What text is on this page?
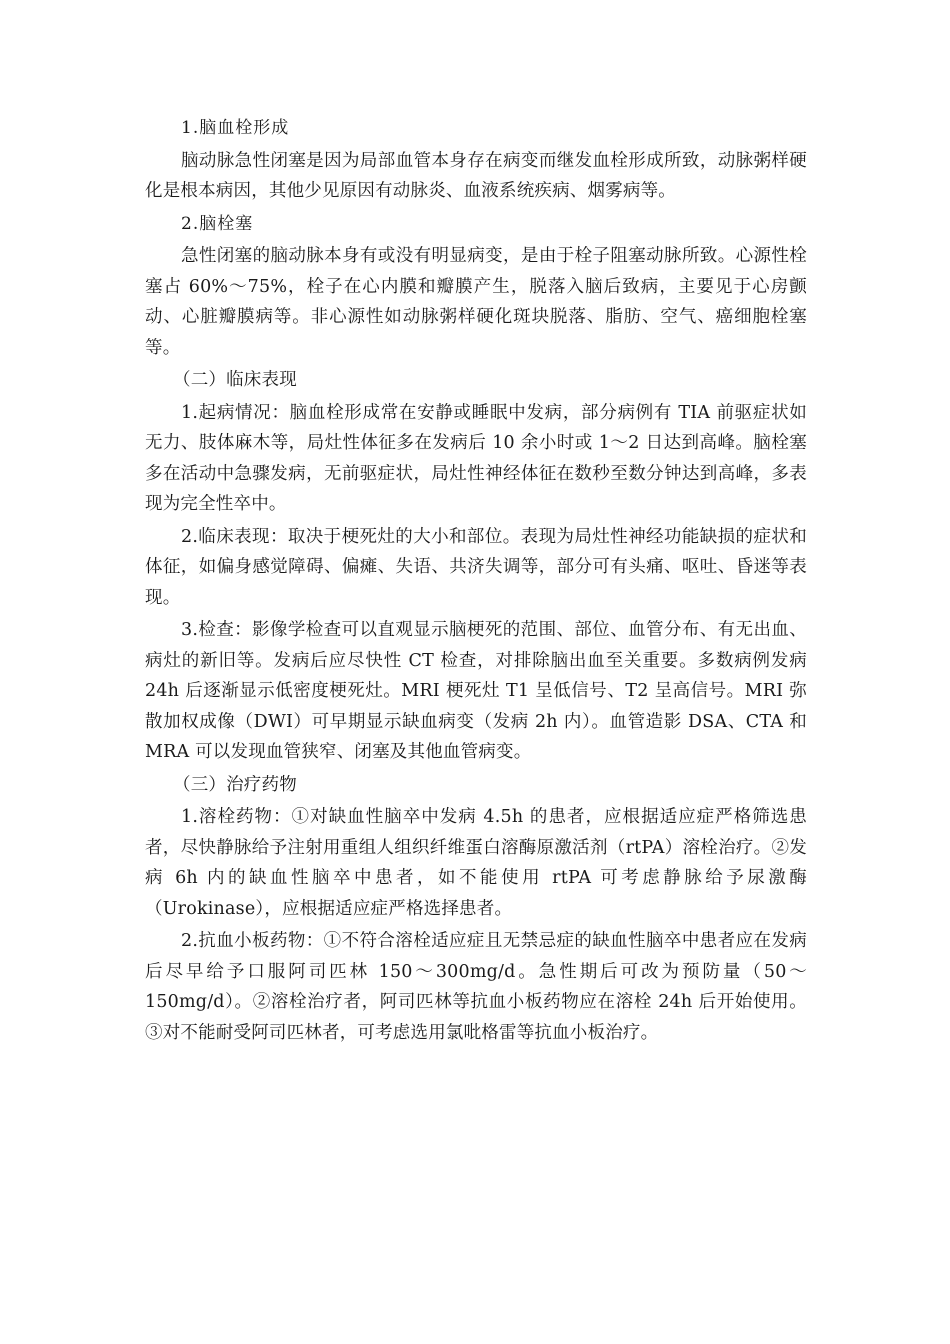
1.脑血栓形成

脑动脉急性闭塞是因为局部血管本身存在病变而继发血栓形成所致，动脉粥样硬化是根本病因，其他少见原因有动脉炎、血液系统疾病、烟雾病等。

2.脑栓塞

急性闭塞的脑动脉本身有或没有明显病变，是由于栓子阻塞动脉所致。心源性栓塞占 60%～75%，栓子在心内膜和瓣膜产生，脱落入脑后致病，主要见于心房颤动、心脏瓣膜病等。非心源性如动脉粥样硬化斑块脱落、脂肪、空气、癌细胞栓塞等。

（二）临床表现

1.起病情况：脑血栓形成常在安静或睡眠中发病，部分病例有 TIA 前驱症状如无力、肢体麻木等，局灶性体征多在发病后 10 余小时或 1～2 日达到高峰。脑栓塞多在活动中急骤发病，无前驱症状，局灶性神经体征在数秒至数分钟达到高峰，多表现为完全性卒中。

2.临床表现：取决于梗死灶的大小和部位。表现为局灶性神经功能缺损的症状和体征，如偏身感觉障碍、偏瘫、失语、共济失调等，部分可有头痛、呕吐、昏迷等表现。

3.检查：影像学检查可以直观显示脑梗死的范围、部位、血管分布、有无出血、病灶的新旧等。发病后应尽快性 CT 检查，对排除脑出血至关重要。多数病例发病 24h 后逐渐显示低密度梗死灶。MRI 梗死灶 T1 呈低信号、T2 呈高信号。MRI 弥散加权成像（DWI）可早期显示缺血病变（发病 2h 内）。血管造影 DSA、CTA 和 MRA 可以发现血管狭窄、闭塞及其他血管病变。

（三）治疗药物

1.溶栓药物：①对缺血性脑卒中发病 4.5h 的患者，应根据适应症严格筛选患者，尽快静脉给予注射用重组人组织纤维蛋白溶酶原激活剂（rtPA）溶栓治疗。②发病 6h 内的缺血性脑卒中患者，如不能使用 rtPA 可考虑静脉给予尿激酶（Urokinase），应根据适应症严格选择患者。

2.抗血小板药物：①不符合溶栓适应症且无禁忌症的缺血性脑卒中患者应在发病后尽早给予口服阿司匹林 150～300mg/d。急性期后可改为预防量（50～150mg/d）。②溶栓治疗者，阿司匹林等抗血小板药物应在溶栓 24h 后开始使用。③对不能耐受阿司匹林者，可考虑选用氯吡格雷等抗血小板治疗。
